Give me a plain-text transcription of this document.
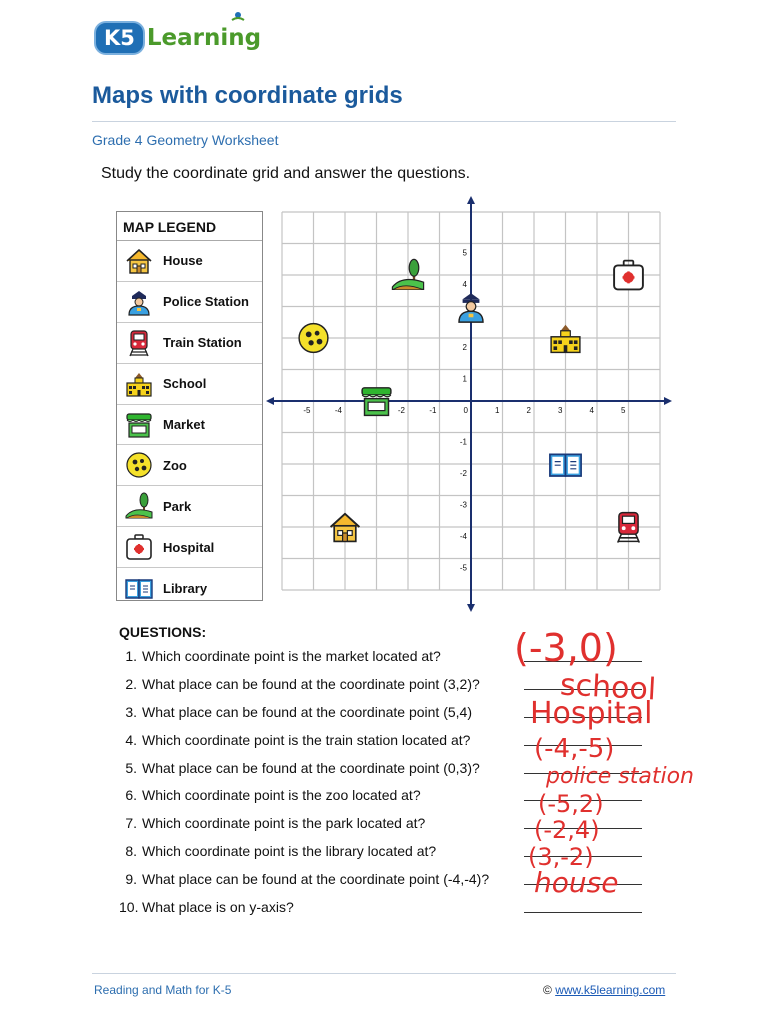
K5 Learning
Maps with coordinate grids
Grade 4 Geometry Worksheet
Study the coordinate grid and answer the questions.
MAP LEGEND
House
Police Station
Train Station
School
Market
Zoo
Park
Hospital
Library
-5	-4	-2	-1	0	1	2	3	4	5
5
4
2
1
-1
-2
-3
-4
-5
QUESTIONS:
1. Which coordinate point is the market located at?
2. What place can be found at the coordinate point (3,2)?
3. What place can be found at the coordinate point (5,4)
4. Which coordinate point is the train station located at?
5. What place can be found at the coordinate point (0,3)?
6. Which coordinate point is the zoo located at?
7. Which coordinate point is the park located at?
8. Which coordinate point is the library located at?
9. What place can be found at the coordinate point (-4,-4)?
10. What place is on y-axis?
(-3,0)
school
Hospital
(-4,-5)
police station
(-5,2)
(-2,4)
(3,-2)
house
Reading and Math for K-5	© www.k5learning.com
